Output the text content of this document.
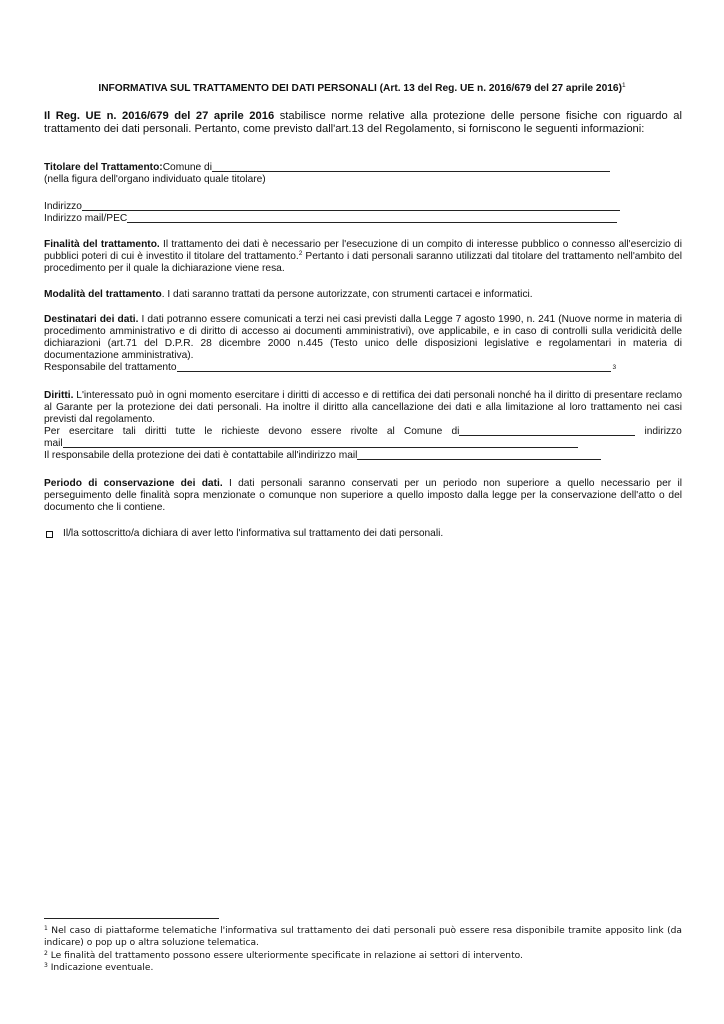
INFORMATIVA SUL TRATTAMENTO DEI DATI PERSONALI (Art. 13 del Reg. UE n. 2016/679 del 27 aprile 2016)$^1$
Il Reg. UE n. 2016/679 del 27 aprile 2016 stabilisce norme relative alla protezione delle persone fisiche con riguardo al trattamento dei dati personali. Pertanto, come previsto dall'art.13 del Regolamento, si forniscono le seguenti informazioni:
Titolare del Trattamento: Comune di
(nella figura dell'organo individuato quale titolare)
Indirizzo
Indirizzo mail/PEC
Finalità del trattamento. Il trattamento dei dati è necessario per l'esecuzione di un compito di interesse pubblico o connesso all'esercizio di pubblici poteri di cui è investito il titolare del trattamento.$^2$ Pertanto i dati personali saranno utilizzati dal titolare del trattamento nell'ambito del procedimento per il quale la dichiarazione viene resa.
Modalità del trattamento. I dati saranno trattati da persone autorizzate, con strumenti cartacei e informatici.
Destinatari dei dati. I dati potranno essere comunicati a terzi nei casi previsti dalla Legge 7 agosto 1990, n. 241 (Nuove norme in materia di procedimento amministrativo e di diritto di accesso ai documenti amministrativi), ove applicabile, e in caso di controlli sulla veridicità delle dichiarazioni (art.71 del D.P.R. 28 dicembre 2000 n.445 (Testo unico delle disposizioni legislative e regolamentari in materia di documentazione amministrativa).
Responsabile del trattamento	3
Diritti. L'interessato può in ogni momento esercitare i diritti di accesso e di rettifica dei dati personali nonché ha il diritto di presentare reclamo al Garante per la protezione dei dati personali. Ha inoltre il diritto alla cancellazione dei dati e alla limitazione al loro trattamento nei casi previsti dal regolamento.
Per esercitare tali diritti tutte le richieste devono essere rivolte al Comune di	indirizzo
mail
Il responsabile della protezione dei dati è contattabile all'indirizzo mail
Periodo di conservazione dei dati. I dati personali saranno conservati per un periodo non superiore a quello necessario per il perseguimento delle finalità sopra menzionate o comunque non superiore a quello imposto dalla legge per la conservazione dell'atto o del documento che li contiene.
Il/la sottoscritto/a dichiara di aver letto l'informativa sul trattamento dei dati personali.
$^1$ Nel caso di piattaforme telematiche l'informativa sul trattamento dei dati personali può essere resa disponibile tramite apposito link (da indicare) o pop up o altra soluzione telematica.
$^2$ Le finalità del trattamento possono essere ulteriormente specificate in relazione ai settori di intervento.
$^3$ Indicazione eventuale.
